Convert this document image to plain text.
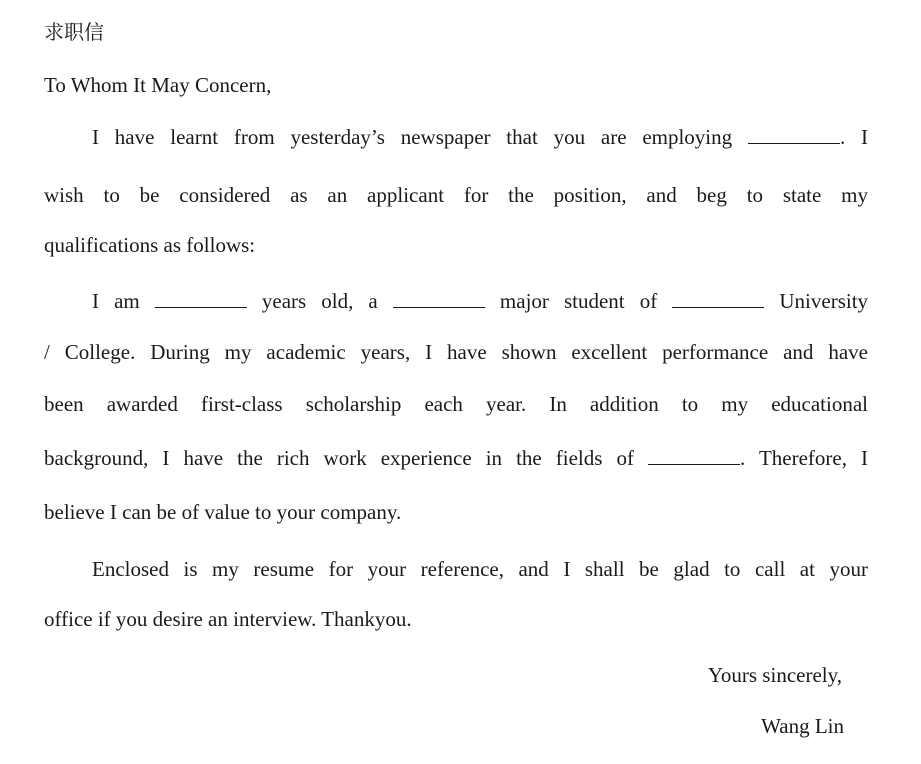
求职信
To Whom It May Concern,
I have learnt from yesterday’s newspaper that you are employing	. I
wish to be considered as an applicant for the position, and beg to state my
qualifications as follows:
I am	years old, a	major student of	University
/ College. During my academic years, I have shown excellent performance and have
been awarded first-class scholarship each year. In addition to my educational
background, I have the rich work experience in the fields of	. Therefore, I
believe I can be of value to your company.
Enclosed is my resume for your reference, and I shall be glad to call at your
office if you desire an interview. Thankyou.
Yours sincerely,
Wang Lin
